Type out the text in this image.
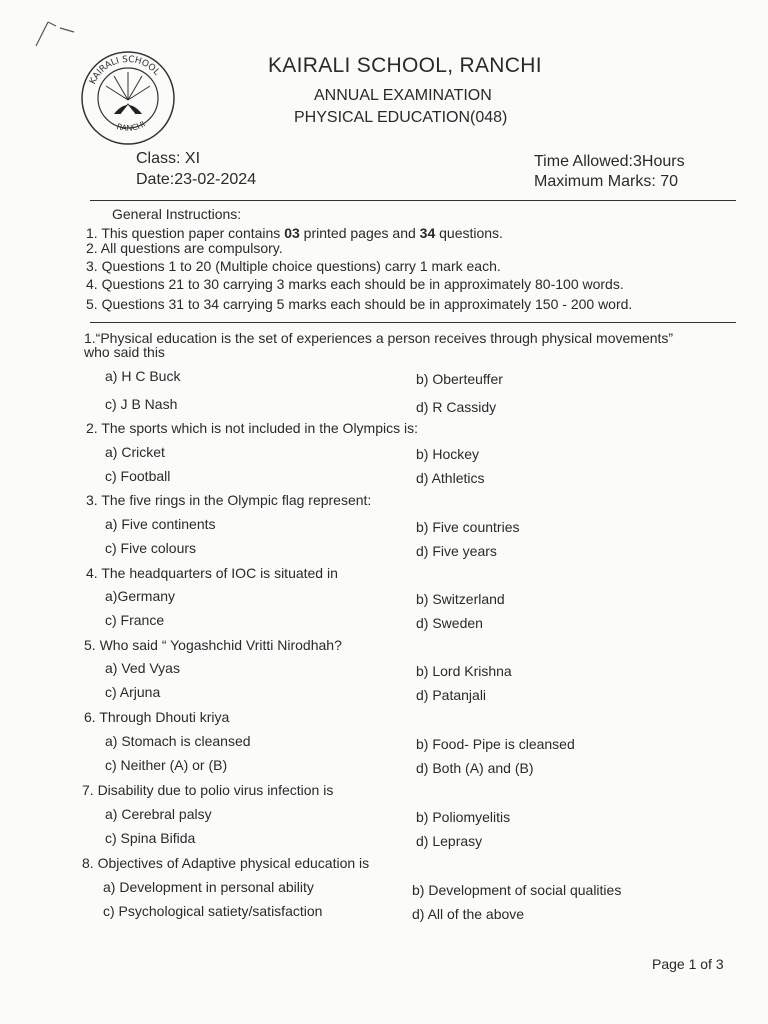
KAIRALI SCHOOL
RANCHI
KAIRALI SCHOOL, RANCHI
ANNUAL EXAMINATION
PHYSICAL EDUCATION(048)
Class: XI
Date:23-02-2024
Time Allowed:3Hours
Maximum Marks: 70
General Instructions:
1. This question paper contains 03 printed pages and 34 questions.
2. All questions are compulsory.
3. Questions 1 to 20 (Multiple choice questions) carry 1 mark each.
4. Questions 21 to 30 carrying 3 marks each should be in approximately 80-100 words.
5. Questions 31 to 34 carrying 5 marks each should be in approximately 150 - 200 word.
1.“Physical education is the set of experiences a person receives through physical movements”
who said this
a) H C Buck	b) Oberteuffer
c) J B Nash	d) R Cassidy
2. The sports which is not included in the Olympics is:
a) Cricket	b) Hockey
c) Football	d) Athletics
3. The five rings in the Olympic flag represent:
a) Five continents	b) Five countries
c) Five colours	d) Five years
4. The headquarters of IOC is situated in
a)Germany	b) Switzerland
c) France	d) Sweden
5. Who said “ Yogashchid Vritti Nirodhah?
a) Ved Vyas	b) Lord Krishna
c) Arjuna	d) Patanjali
6. Through Dhouti kriya
a) Stomach is cleansed	b) Food- Pipe is cleansed
c) Neither (A) or (B)	d) Both (A) and (B)
7. Disability due to polio virus infection is
a) Cerebral palsy	b) Poliomyelitis
c) Spina Bifida	d) Leprasy
8. Objectives of Adaptive physical education is
a) Development in personal ability	b) Development of social qualities
c) Psychological satiety/satisfaction	d) All of the above
Page 1 of 3
